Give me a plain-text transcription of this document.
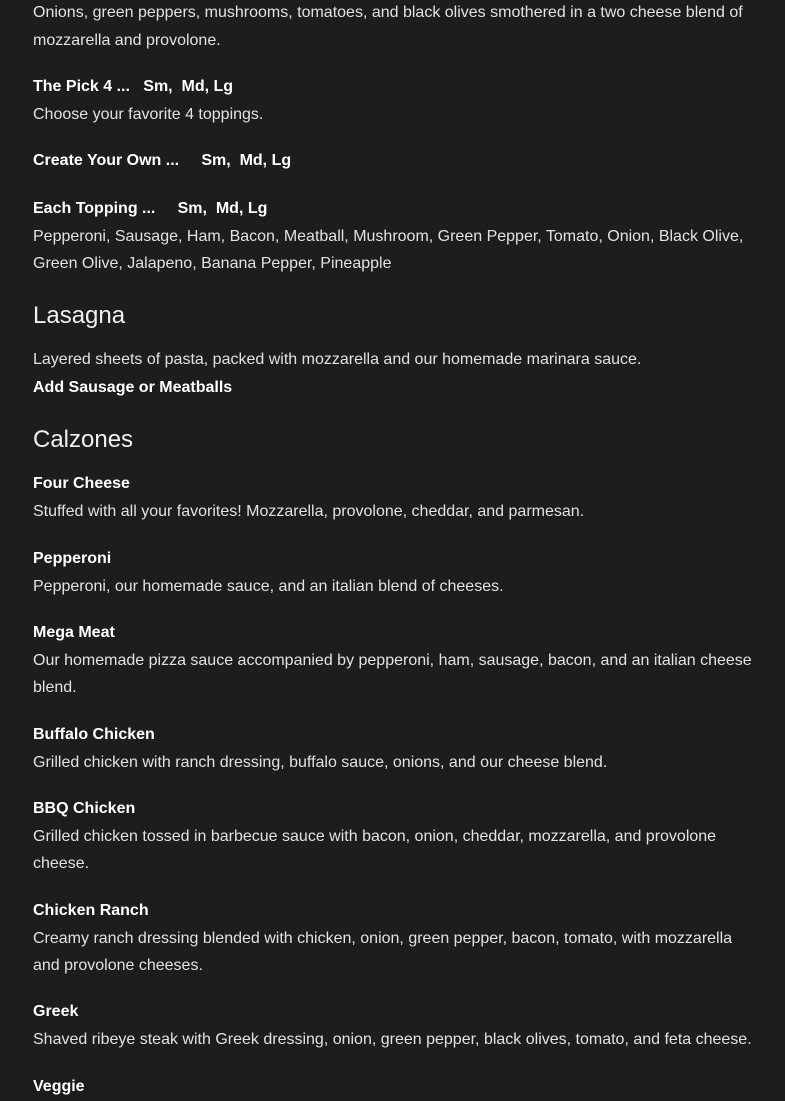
Onions, green peppers, mushrooms, tomatoes, and black olives smothered in a two cheese blend of mozzarella and provolone.

The Pick 4 ... Sm,  Md, Lg

Choose your favorite 4 toppings.

Create Your Own ... Sm,  Md, Lg

Each Topping ... Sm,  Md, Lg

Pepperoni, Sausage, Ham, Bacon, Meatball, Mushroom, Green Pepper, Tomato, Onion, Black Olive, Green Olive, Jalapeno, Banana Pepper, Pineapple

Lasagna

Layered sheets of pasta, packed with mozzarella and our homemade marinara sauce.

Add Sausage or Meatballs

Calzones

Four Cheese

Stuffed with all your favorites! Mozzarella, provolone, cheddar, and parmesan.

Pepperoni

Pepperoni, our homemade sauce, and an italian blend of cheeses.

Mega Meat

Our homemade pizza sauce accompanied by pepperoni, ham, sausage, bacon, and an italian cheese blend.

Buffalo Chicken

Grilled chicken with ranch dressing, buffalo sauce, onions, and our cheese blend.

BBQ Chicken

Grilled chicken tossed in barbecue sauce with bacon, onion, cheddar, mozzarella, and provolone cheese.

Chicken Ranch

Creamy ranch dressing blended with chicken, onion, green pepper, bacon, tomato, with mozzarella and provolone cheeses.

Greek

Shaved ribeye steak with Greek dressing, onion, green pepper, black olives, tomato, and feta cheese.

Veggie
